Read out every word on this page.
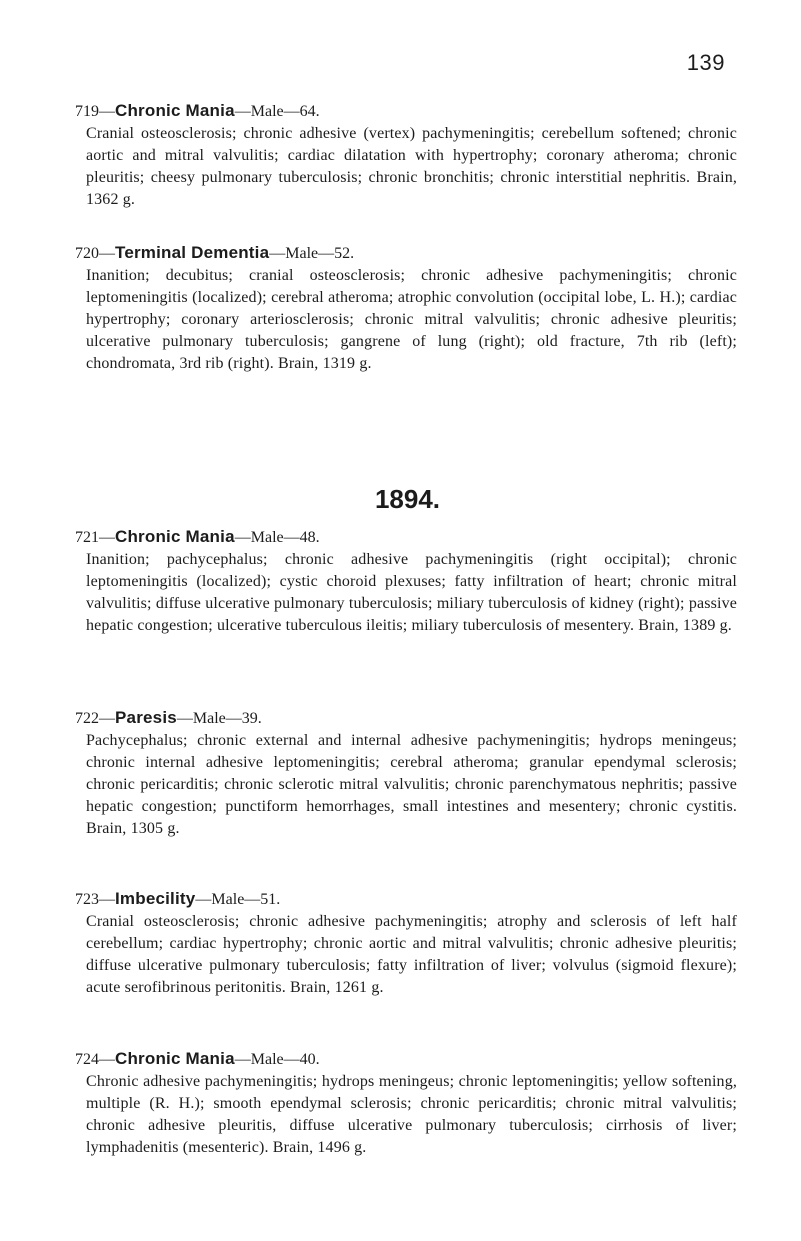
139
719—Chronic Mania—Male—64.
Cranial osteosclerosis; chronic adhesive (vertex) pachymeningitis; cerebellum softened; chronic aortic and mitral valvulitis; cardiac dilatation with hypertrophy; coronary atheroma; chronic pleuritis; cheesy pulmonary tuberculosis; chronic bronchitis; chronic interstitial nephritis. Brain, 1362 g.
720—Terminal Dementia—Male—52.
Inanition; decubitus; cranial osteosclerosis; chronic adhesive pachymeningitis; chronic leptomeningitis (localized); cerebral atheroma; atrophic convolution (occipital lobe, L. H.); cardiac hypertrophy; coronary arteriosclerosis; chronic mitral valvulitis; chronic adhesive pleuritis; ulcerative pulmonary tuberculosis; gangrene of lung (right); old fracture, 7th rib (left); chondromata, 3rd rib (right). Brain, 1319 g.
1894.
721—Chronic Mania—Male—48.
Inanition; pachycephalus; chronic adhesive pachymeningitis (right occipital); chronic leptomeningitis (localized); cystic choroid plexuses; fatty infiltration of heart; chronic mitral valvulitis; diffuse ulcerative pulmonary tuberculosis; miliary tuberculosis of kidney (right); passive hepatic congestion; ulcerative tuberculous ileitis; miliary tuberculosis of mesentery. Brain, 1389 g.
722—Paresis—Male—39.
Pachycephalus; chronic external and internal adhesive pachymeningitis; hydrops meningeus; chronic internal adhesive leptomeningitis; cerebral atheroma; granular ependymal sclerosis; chronic pericarditis; chronic sclerotic mitral valvulitis; chronic parenchymatous nephritis; passive hepatic congestion; punctiform hemorrhages, small intestines and mesentery; chronic cystitis. Brain, 1305 g.
723—Imbecility—Male—51.
Cranial osteosclerosis; chronic adhesive pachymeningitis; atrophy and sclerosis of left half cerebellum; cardiac hypertrophy; chronic aortic and mitral valvulitis; chronic adhesive pleuritis; diffuse ulcerative pulmonary tuberculosis; fatty infiltration of liver; volvulus (sigmoid flexure); acute serofibrinous peritonitis. Brain, 1261 g.
724—Chronic Mania—Male—40.
Chronic adhesive pachymeningitis; hydrops meningeus; chronic leptomeningitis; yellow softening, multiple (R. H.); smooth ependymal sclerosis; chronic pericarditis; chronic mitral valvulitis; chronic adhesive pleuritis, diffuse ulcerative pulmonary tuberculosis; cirrhosis of liver; lymphadenitis (mesenteric). Brain, 1496 g.
